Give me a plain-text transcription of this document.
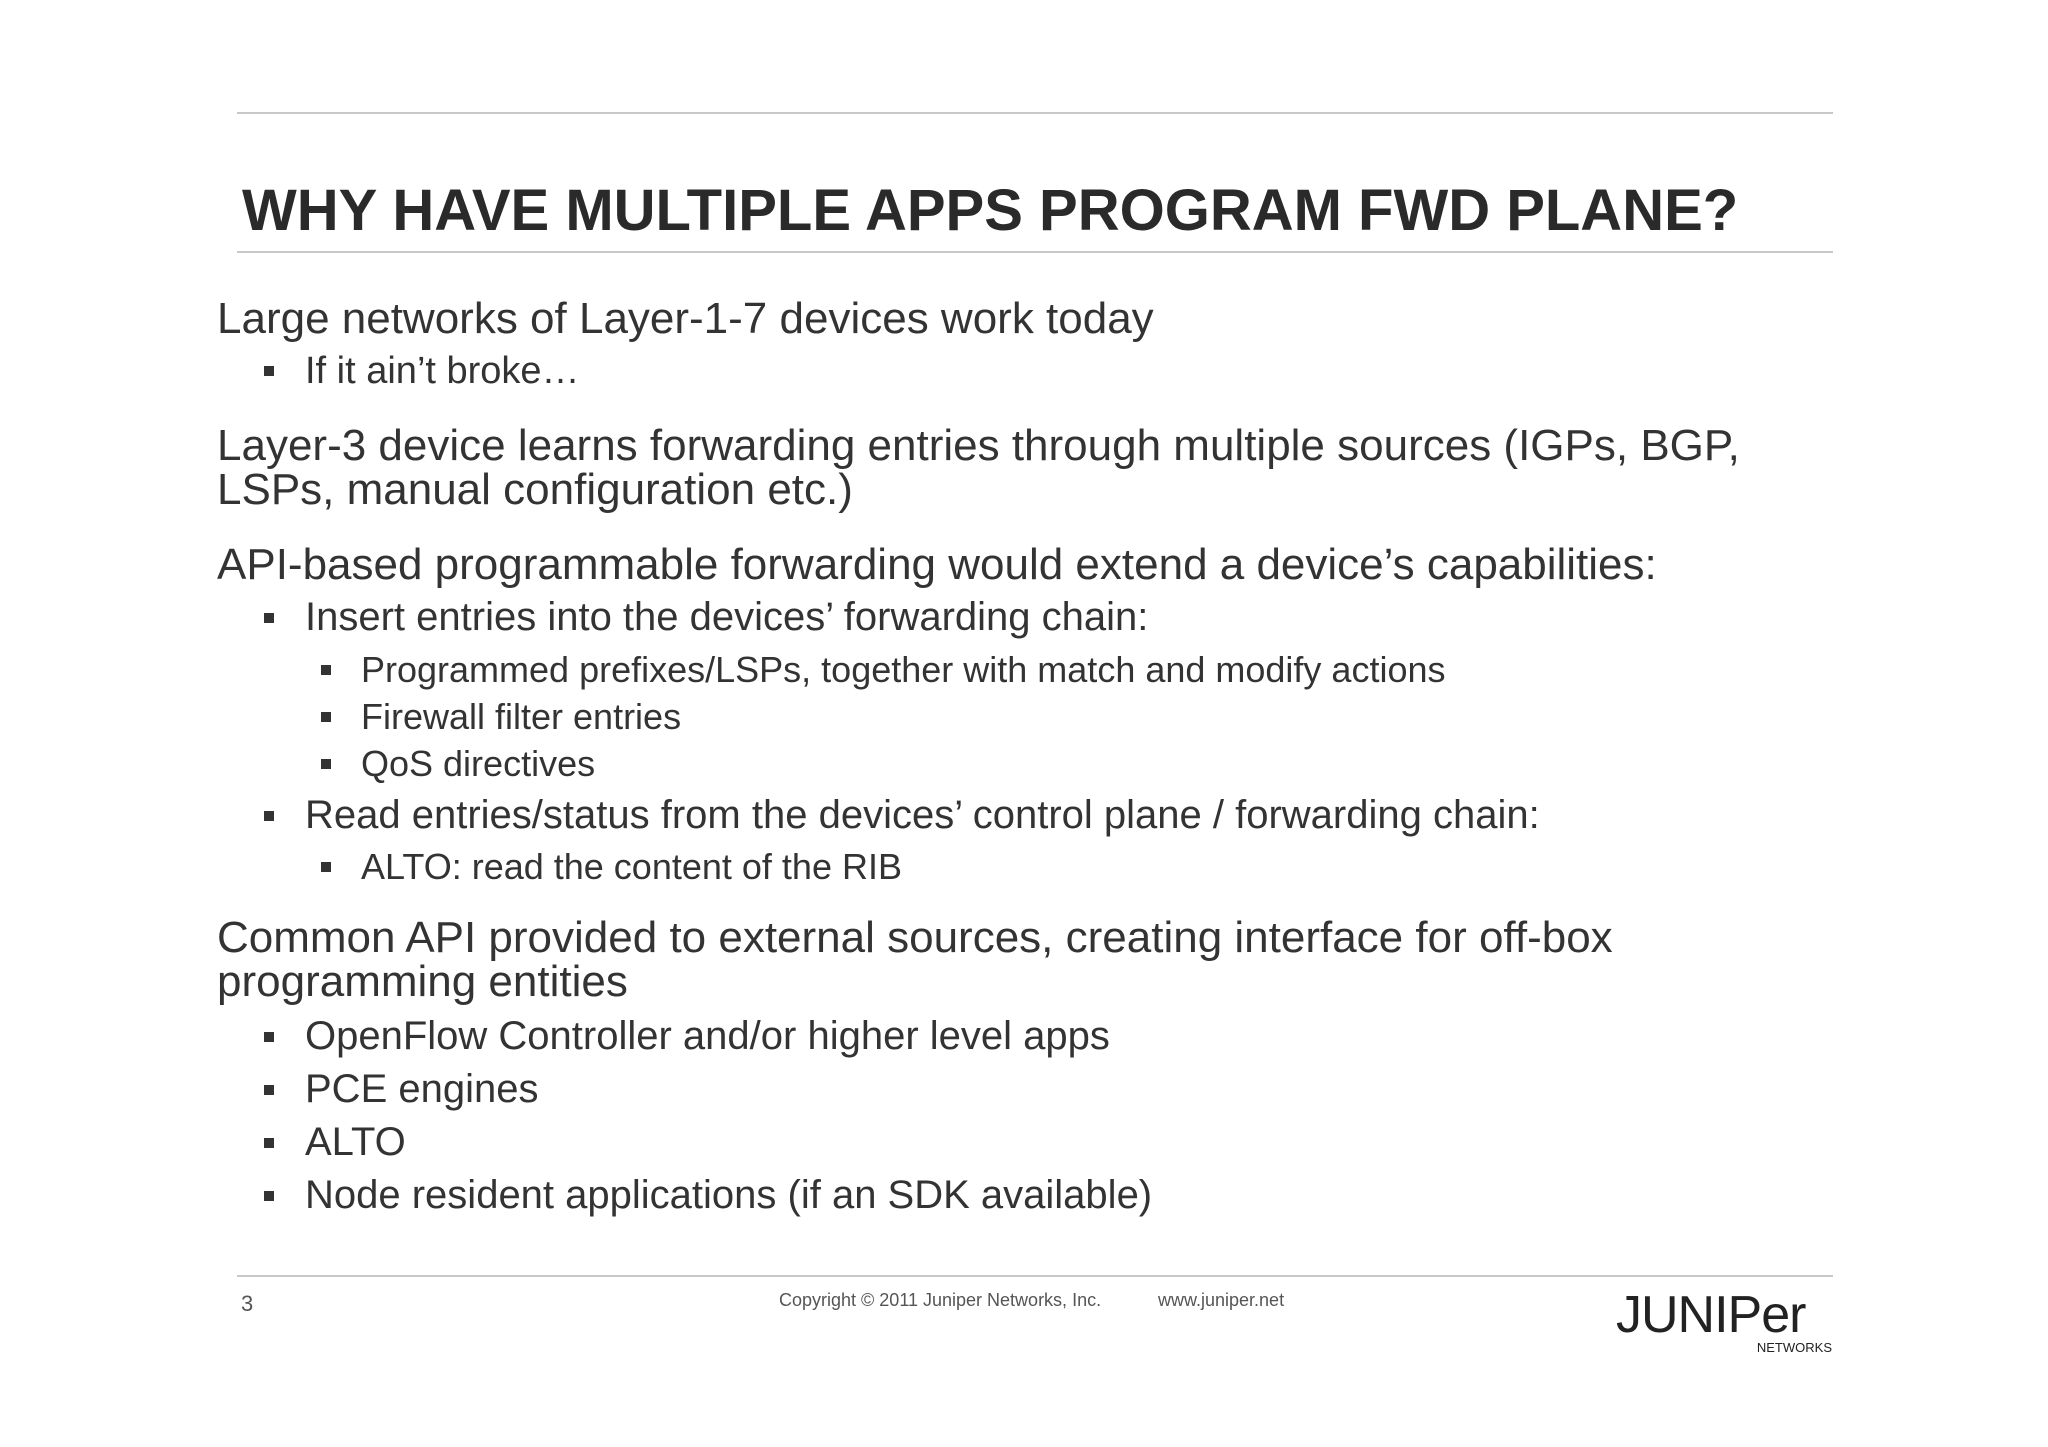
WHY HAVE MULTIPLE APPS PROGRAM FWD PLANE?
Large networks of Layer-1-7 devices work today
If it ain’t broke…
Layer-3 device learns forwarding entries through multiple sources (IGPs, BGP,
LSPs, manual configuration etc.)
API-based programmable forwarding would extend a device’s capabilities:
Insert entries into the devices’ forwarding chain:
Programmed prefixes/LSPs, together with match and modify actions
Firewall filter entries
QoS directives
Read entries/status from the devices’ control plane / forwarding chain:
ALTO: read the content of the RIB
Common API provided to external sources, creating interface for off-box
programming entities
OpenFlow Controller and/or higher level apps
PCE engines
ALTO
Node resident applications (if an SDK available)
3	Copyright © 2011 Juniper Networks, Inc.	www.juniper.net	JUNIPer
NETWORKS
